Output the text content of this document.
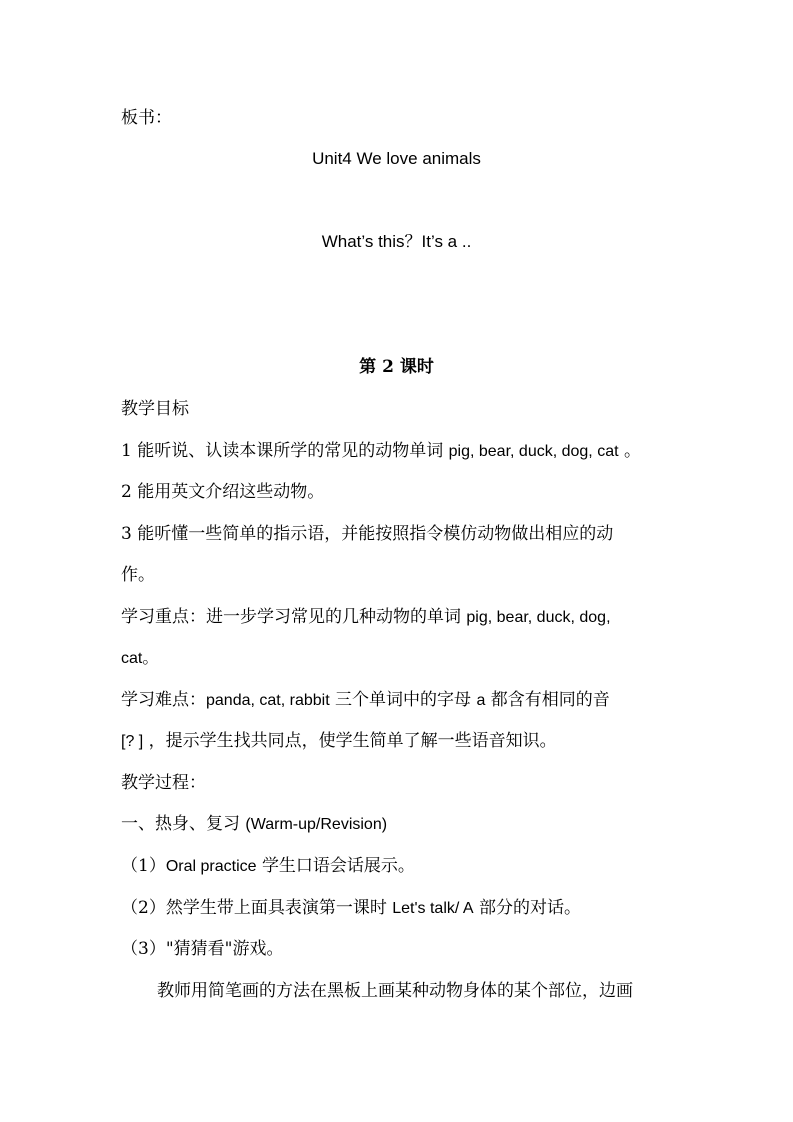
板书：
Unit4 We love animals
What’s this？It’s a ..
第 2 课时
教学目标
1 能听说、认读本课所学的常见的动物单词 pig, bear, duck, dog, cat 。
2 能用英文介绍这些动物。
3 能听懂一些简单的指示语，并能按照指令模仿动物做出相应的动
作。
学习重点：进一步学习常见的几种动物的单词 pig, bear, duck, dog,
cat。
学习难点：panda, cat, rabbit 三个单词中的字母 a 都含有相同的音
[? ] ，提示学生找共同点，使学生简单了解一些语音知识。
教学过程：
一、热身、复习 (Warm-up/Revision)
（1）Oral practice 学生口语会话展示。
（2）然学生带上面具表演第一课时 Let's talk/ A 部分的对话。
（3）"猜猜看"游戏。
教师用简笔画的方法在黑板上画某种动物身体的某个部位，边画
